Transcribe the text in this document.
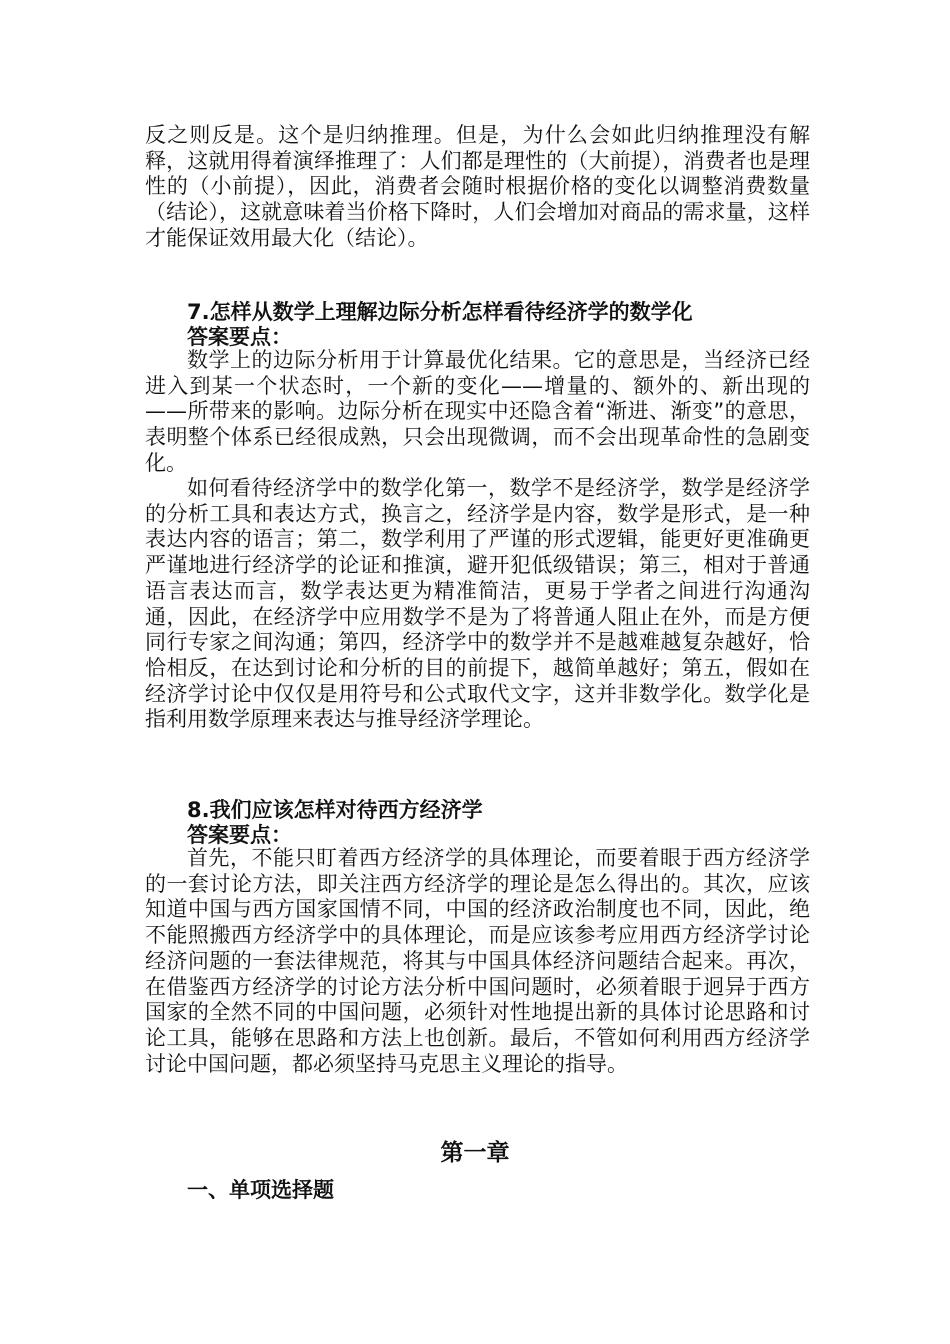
反之则反是。这个是归纳推理。但是，为什么会如此归纳推理没有解释，这就用得着演绎推理了：人们都是理性的（大前提），消费者也是理性的（小前提），因此，消费者会随时根据价格的变化以调整消费数量（结论），这就意味着当价格下降时，人们会增加对商品的需求量，这样才能保证效用最大化（结论）。

7.怎样从数学上理解边际分析怎样看待经济学的数学化

答案要点：

数学上的边际分析用于计算最优化结果。它的意思是，当经济已经进入到某一个状态时，一个新的变化——增量的、额外的、新出现的——所带来的影响。边际分析在现实中还隐含着“渐进、渐变”的意思，表明整个体系已经很成熟，只会出现微调，而不会出现革命性的急剧变化。

如何看待经济学中的数学化第一，数学不是经济学，数学是经济学的分析工具和表达方式，换言之，经济学是内容，数学是形式，是一种表达内容的语言；第二，数学利用了严谨的形式逻辑，能更好更准确更严谨地进行经济学的论证和推演，避开犯低级错误；第三，相对于普通语言表达而言，数学表达更为精准简洁，更易于学者之间进行沟通沟通，因此，在经济学中应用数学不是为了将普通人阻止在外，而是方便同行专家之间沟通；第四，经济学中的数学并不是越难越复杂越好，恰恰相反，在达到讨论和分析的目的前提下，越简单越好；第五，假如在经济学讨论中仅仅是用符号和公式取代文字，这并非数学化。数学化是指利用数学原理来表达与推导经济学理论。

8.我们应该怎样对待西方经济学

答案要点：

首先，不能只盯着西方经济学的具体理论，而要着眼于西方经济学的一套讨论方法，即关注西方经济学的理论是怎么得出的。其次，应该知道中国与西方国家国情不同，中国的经济政治制度也不同，因此，绝不能照搬西方经济学中的具体理论，而是应该参考应用西方经济学讨论经济问题的一套法律规范，将其与中国具体经济问题结合起来。再次，在借鉴西方经济学的讨论方法分析中国问题时，必须着眼于迥异于西方国家的全然不同的中国问题，必须针对性地提出新的具体讨论思路和讨论工具，能够在思路和方法上也创新。最后，不管如何利用西方经济学讨论中国问题，都必须坚持马克思主义理论的指导。

第一章

一、单项选择题
